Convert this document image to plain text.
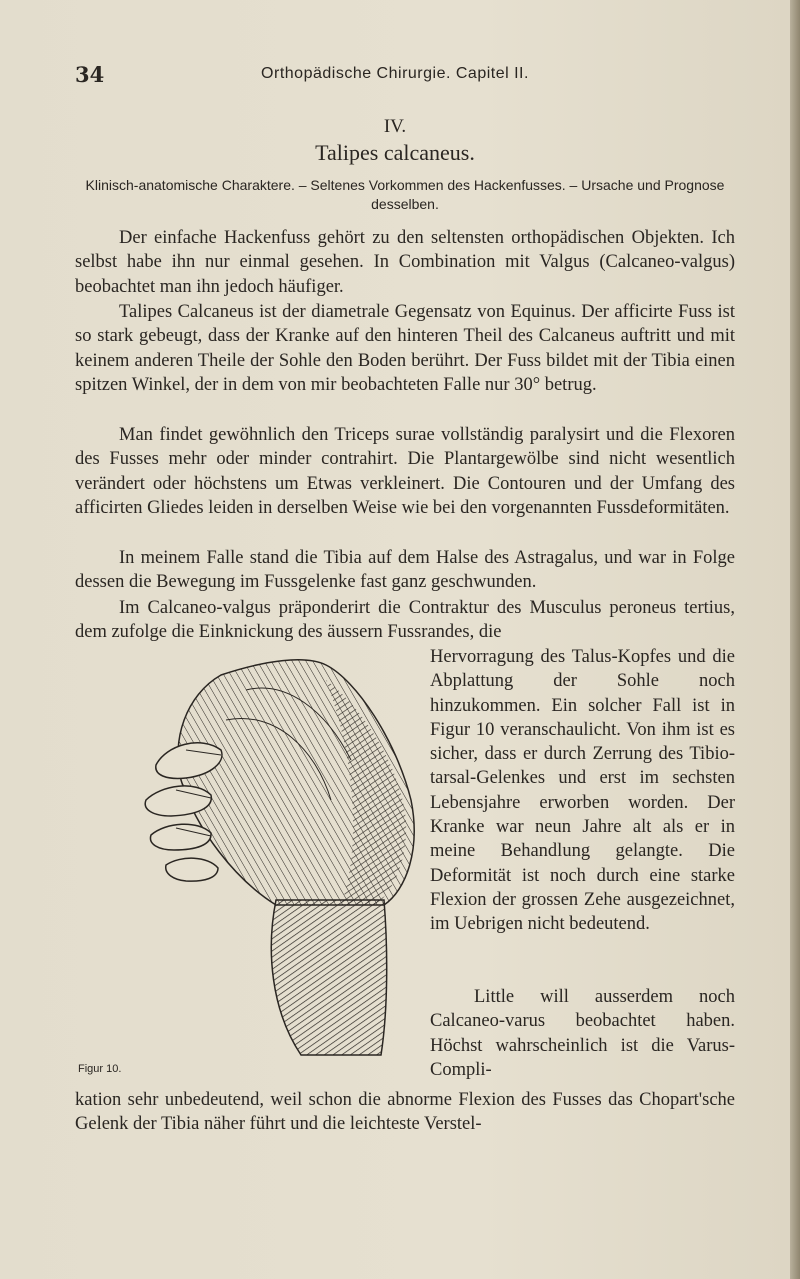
34	Orthopädische Chirurgie. Capitel II.
IV.
Talipes calcaneus.
Klinisch-anatomische Charaktere. – Seltenes Vorkommen des Hackenfusses. – Ursache und Prognose desselben.

Der einfache Hackenfuss gehört zu den seltensten orthopädischen Objekten. Ich selbst habe ihn nur einmal gesehen. In Combination mit Valgus (Calcaneo-valgus) beobachtet man ihn jedoch häufiger.

Talipes Calcaneus ist der diametrale Gegensatz von Equinus. Der afficirte Fuss ist so stark gebeugt, dass der Kranke auf den hinteren Theil des Calcaneus auftritt und mit keinem anderen Theile der Sohle den Boden berührt. Der Fuss bildet mit der Tibia einen spitzen Winkel, der in dem von mir beobachteten Falle nur 30° betrug.

Man findet gewöhnlich den Triceps surae vollständig paralysirt und die Flexoren des Fusses mehr oder minder contrahirt. Die Plantargewölbe sind nicht wesentlich verändert oder höchstens um Etwas verkleinert. Die Contouren und der Umfang des afficirten Gliedes leiden in derselben Weise wie bei den vorgenannten Fussdeformitäten.

In meinem Falle stand die Tibia auf dem Halse des Astragalus, und war in Folge dessen die Bewegung im Fussgelenke fast ganz geschwunden.

Im Calcaneo-valgus präponderirt die Contraktur des Musculus peroneus tertius, dem zufolge die Einknickung des äussern Fussrandes, die

Hervorragung des Talus-Kopfes und die Abplattung der Sohle noch hinzukommen. Ein solcher Fall ist in Figur 10 veranschaulicht. Von ihm ist es sicher, dass er durch Zerrung des Tibio-tarsal-Gelenkes und erst im sechsten Lebensjahre erworben worden. Der Kranke war neun Jahre alt als er in meine Behandlung gelangte. Die Deformität ist noch durch eine starke Flexion der grossen Zehe ausgezeichnet, im Uebrigen nicht bedeutend.

Little will ausserdem noch Calcaneo-varus beobachtet haben. Höchst wahrscheinlich ist die Varus-Compli-

Figur 10.

kation sehr unbedeutend, weil schon die abnorme Flexion des Fusses das Chopart'sche Gelenk der Tibia näher führt und die leichteste Verstel-
